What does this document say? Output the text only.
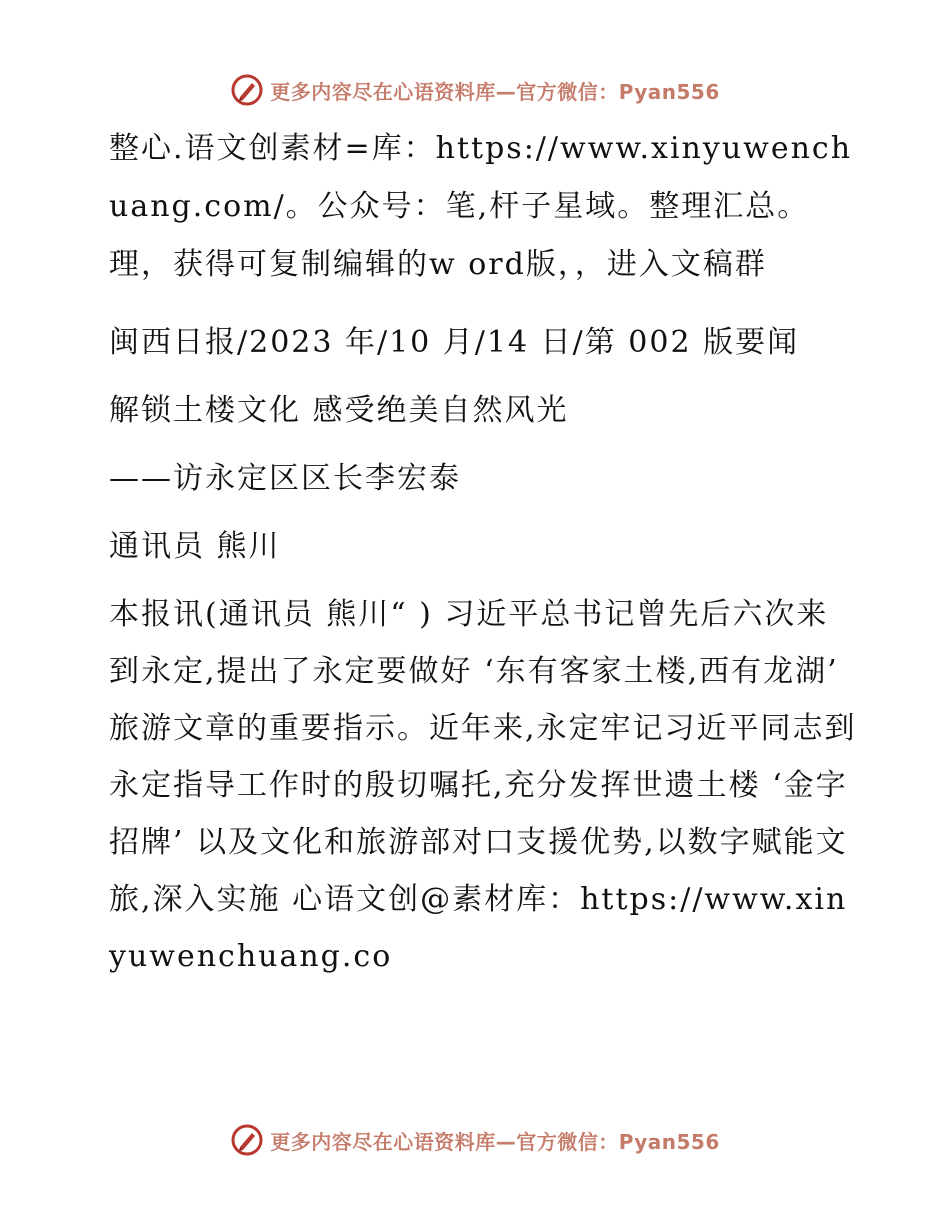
更多内容尽在心语资料库—官方微信：Pyan556

整心.语文创素材=库：https://www.xinyuwenchuang.com/。公众号：笔,杆子星域。整理汇总。理，获得可复制编辑的w ord版，，进入文稿群

闽西日报/2023 年/10 月/14 日/第 002 版要闻

解锁土楼文化 感受绝美自然风光

——访永定区区长李宏泰

通讯员 熊川

本报讯(通讯员 熊川“ ) 习近平总书记曾先后六次来到永定,提出了永定要做好 ‘东有客家土楼,西有龙湖’ 旅游文章的重要指示。近年来,永定牢记习近平同志到永定指导工作时的殷切嘱托,充分发挥世遗土楼 ‘金字招牌’ 以及文化和旅游部对口支援优势,以数字赋能文旅,深入实施 心语文创@素材库：https://www.xinyuwenchuang.co

更多内容尽在心语资料库—官方微信：Pyan556
